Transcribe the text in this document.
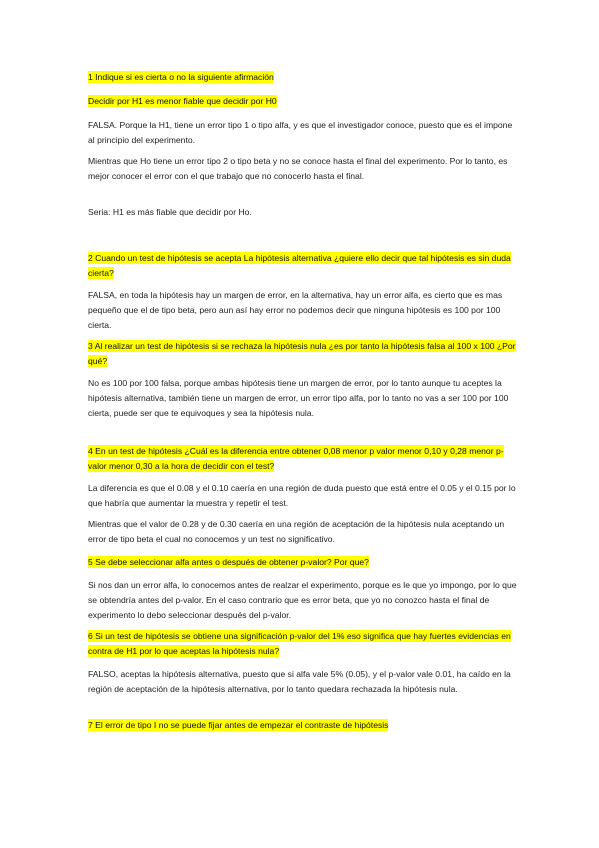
1 Indique si es cierta o no la siguiente afirmación
Decidir por H1 es menor fiable que decidir por H0
FALSA. Porque la H1, tiene un error tipo 1 o tipo alfa, y es que el investigador conoce, puesto que es el impone al principio del experimento.
Mientras que Ho tiene un error tipo 2 o tipo beta y no se conoce hasta el final del experimento. Por lo tanto, es mejor conocer el error con el que trabajo que no conocerlo hasta el final.
Seria: H1 es más fiable que decidir por Ho.
2 Cuando un test de hipótesis se acepta La hipótesis alternativa ¿quiere ello decir que tal hipótesis es sin duda cierta?
FALSA, en toda la hipótesis hay un margen de error, en la alternativa, hay un error alfa, es cierto que es mas pequeño que el de tipo beta, pero aun así hay error no podemos decir que ninguna hipótesis es 100 por 100 cierta.
3 Al realizar un test de hipótesis si se rechaza la hipótesis nula ¿es por tanto la hipótesis falsa al 100 x 100 ¿Por qué?
No es 100 por 100 falsa, porque ambas hipótesis tiene un margen de error, por lo tanto aunque tu aceptes la hipótesis alternativa, también tiene un margen de error, un error tipo alfa, por lo tanto no vas a ser 100 por 100 cierta, puede ser que te equivoques y sea la hipótesis nula.
4 En un test de hipótesis ¿Cuál es la diferencia entre obtener 0,08 menor p valor menor 0,10 y 0,28 menor p-valor menor 0,30 a la hora de decidir con el test?
La diferencia es que el 0.08 y el 0.10 caería en una región de duda puesto que está entre el 0.05 y el 0.15 por lo que habría que aumentar la muestra y repetir el test.
Mientras que el valor de 0.28 y de 0.30 caería en una región de aceptación de la hipótesis nula aceptando un error de tipo beta el cual no conocemos y un test no significativo.
5 Se debe seleccionar alfa antes o después de obtener p-valor? Por que?
Si nos dan un error alfa, lo conocemos antes de realzar el experimento, porque es le que yo impongo, por lo que se obtendría antes del p-valor. En el caso contrario que es error beta, que yo no conozco hasta el final de experimento lo debo seleccionar después del p-valor.
6 Si un test de hipótesis se obtiene una significación p-valor del 1% eso significa que hay fuertes evidencias en contra de H1 por lo que aceptas la hipótesis nula?
FALSO, aceptas la hipótesis alternativa, puesto que si alfa vale 5% (0.05), y el p-valor vale 0.01, ha caído en la región de aceptación de la hipótesis alternativa, por lo tanto quedara rechazada la hipótesis nula.
7 El error de tipo I no se puede fijar antes de empezar el contraste de hipótesis
